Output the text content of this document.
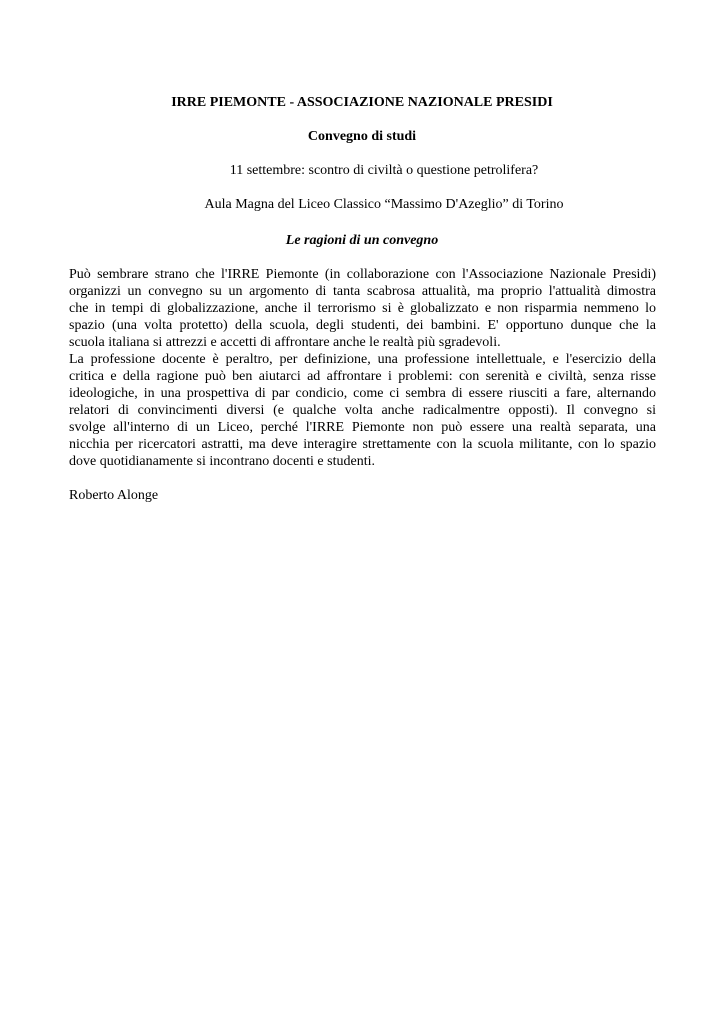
IRRE PIEMONTE - ASSOCIAZIONE NAZIONALE PRESIDI
Convegno di studi
11 settembre: scontro di civiltà o questione petrolifera?
Aula Magna del Liceo Classico “Massimo D'Azeglio” di Torino
Le ragioni di un convegno
Può sembrare strano che l'IRRE Piemonte (in collaborazione con l'Associazione Nazionale Presidi)
organizzi un convegno su un argomento di tanta scabrosa attualità, ma proprio l'attualità dimostra
che in tempi di globalizzazione, anche il terrorismo si è globalizzato e non risparmia nemmeno lo
spazio (una volta protetto) della scuola, degli studenti, dei bambini. E' opportuno dunque che la
scuola italiana si attrezzi e accetti di affrontare anche le realtà più sgradevoli.
La professione docente è peraltro, per definizione, una professione intellettuale, e l'esercizio della
critica e della ragione può ben aiutarci ad affrontare i problemi: con serenità e civiltà, senza risse
ideologiche, in una prospettiva di par condicio, come ci sembra di essere riusciti a fare, alternando
relatori di convincimenti diversi (e qualche volta anche radicalmentre opposti). Il convegno si
svolge all'interno di un Liceo, perché l'IRRE Piemonte non può essere una realtà separata, una
nicchia per ricercatori astratti, ma deve interagire strettamente con la scuola militante, con lo spazio
dove quotidianamente si incontrano docenti e studenti.
Roberto Alonge
